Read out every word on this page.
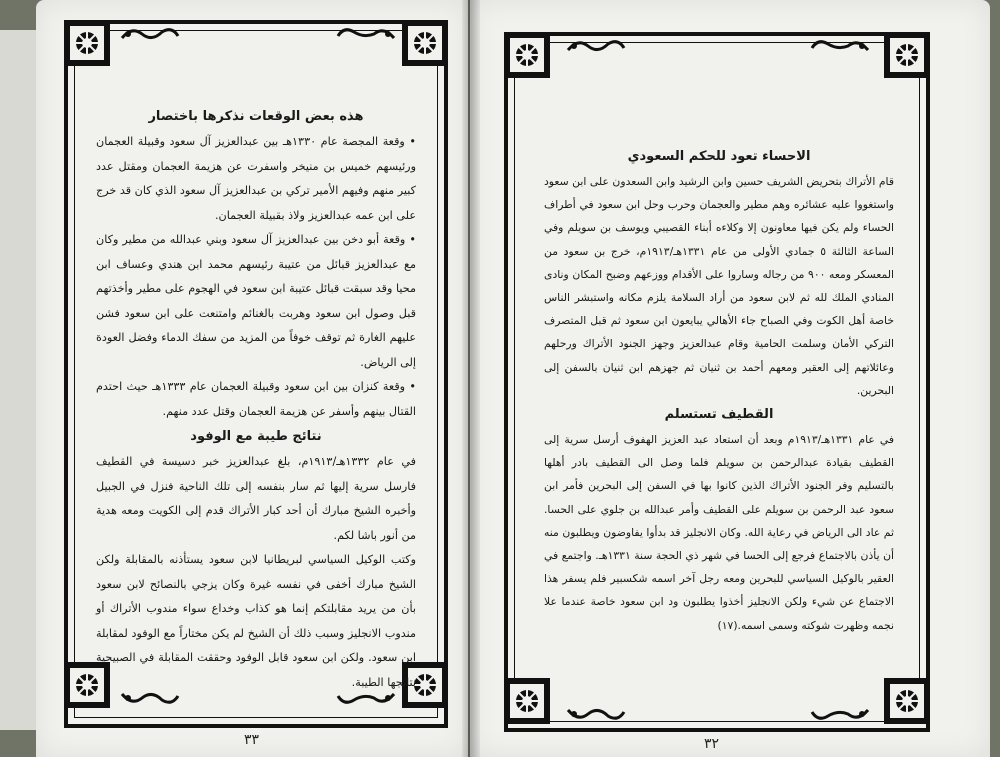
هذه بعض الوقعات نذكرها باختصار

• وقعة المجصة عام ١٣٣٠هـ بين عبدالعزيز آل سعود وقبيلة العجمان ورئيسهم خميس بن منيخر واسفرت عن هزيمة العجمان ومقتل عدد كبير منهم وفيهم الأمير تركي بن عبدالعزيز آل سعود الذي كان قد خرج على ابن عمه عبدالعزيز ولاذ بقبيلة العجمان.

• وقعة أبو دخن بين عبدالعزيز آل سعود وبني عبدالله من مطير وكان مع عبدالعزيز قبائل من عتيبة رئيسهم محمد ابن هندي وعساف ابن محيا وقد سبقت قبائل عتيبة ابن سعود في الهجوم على مطير وأخذتهم قبل وصول ابن سعود وهربت بالغنائم وامتنعت على ابن سعود فشن عليهم الغارة ثم توقف خوفاً من المزيد من سفك الدماء وفضل العودة إلى الرياض.

• وقعة كنزان بين ابن سعود وقبيلة العجمان عام ١٣٣٣هـ حيث احتدم القتال بينهم وأسفر عن هزيمة العجمان وقتل عدد منهم.

نتائج طيبة مع الوفود

في عام ١٣٣٢هـ/١٩١٣م، بلغ عبدالعزيز خبر دسيسة في القطيف فارسل سرية إليها ثم سار بنفسه إلى تلك الناحية فنزل في الجبيل وأخبره الشيخ مبارك أن أحد كبار الأتراك قدم إلى الكويت ومعه هدية من أنور باشا لكم.

وكتب الوكيل السياسي لبريطانيا لابن سعود يستأذنه بالمقابلة ولكن الشيخ مبارك أخفى في نفسه غيرة وكان يزجي بالنصائح لابن سعود بأن من يريد مقابلتكم إنما هو كذاب وخداع سواء مندوب الأتراك أو مندوب الانجليز وسبب ذلك أن الشيخ لم يكن مختاراً مع الوفود لمقابلة ابن سعود. ولكن ابن سعود قابل الوفود وحققت المقابلة في الصبيحية نتائجها الطيبة.

٣٣

الاحساء تعود للحكم السعودي

قام الأتراك بتحريض الشريف حسين وابن الرشيد وابن السعدون على ابن سعود واستغووا عليه عشائره وهم مطير والعجمان وحرب وحل ابن سعود في أطراف الحساء ولم يكن فيها معاونون إلا وكلاءه أبناء القصيبي ويوسف بن سويلم وفي الساعة الثالثة ٥ جمادي الأولى من عام ١٣٣١هـ/١٩١٣م، خرج بن سعود من المعسكر ومعه ٩٠٠ من رجاله وساروا على الأقدام ووزعهم وضبح المكان ونادى المنادي الملك لله ثم لابن سعود من أراد السلامة يلزم مكانه واستبشر الناس خاصة أهل الكوت وفي الصباح جاء الأهالي يبايعون ابن سعود ثم قبل المتصرف التركي الأمان وسلمت الحامية وقام عبدالعزيز وجهز الجنود الأتراك ورحلهم وعائلاتهم إلى العقير ومعهم أحمد بن ثنيان ثم جهزهم ابن ثنيان بالسفن إلى البحرين.

القطيف تستسلم

في عام ١٣٣١هـ/١٩١٣م وبعد أن استعاد عبد العزيز الهفوف أرسل سرية إلى القطيف بقيادة عبدالرحمن بن سويلم فلما وصل الى القطيف بادر أهلها بالتسليم وفر الجنود الأتراك الذين كانوا بها في السفن إلى البحرين فأمر ابن سعود عبد الرحمن بن سويلم على القطيف وأمر عبدالله بن جلوي على الحسا. ثم عاد الى الرياض في رعاية الله. وكان الانجليز قد بدأوا يفاوضون ويطلبون منه أن يأذن بالاجتماع فرجع إلى الحسا في شهر ذي الحجة سنة ١٣٣١هـ. واجتمع في العقير بالوكيل السياسي للبحرين ومعه رجل آخر اسمه شكسبير فلم يسفر هذا الاجتماع عن شيء ولكن الانجليز أخذوا يطلبون ود ابن سعود خاصة عندما علا نجمه وظهرت شوكته وسمى اسمه.(١٧)

٣٢
